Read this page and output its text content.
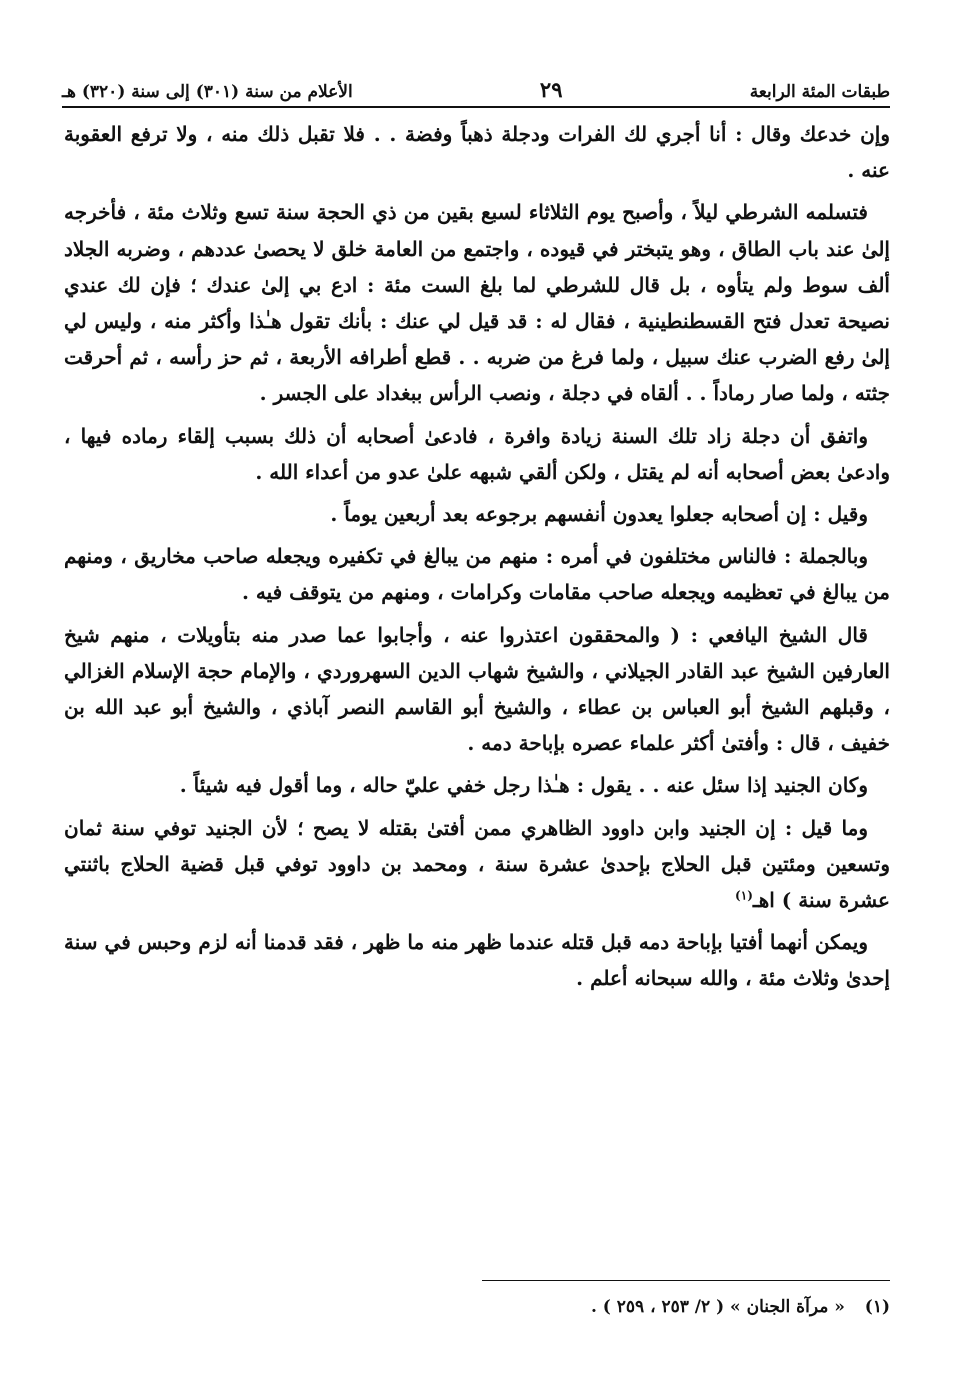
طبقات المئة الرابعة
٢٩
الأعلام من سنة (٣٠١) إلى سنة (٣٢٠) هـ

وإن خدعك وقال : أنا أجري لك الفرات ودجلة ذهباً وفضة . . فلا تقبل ذلك منه ، ولا ترفع العقوبة عنه .

فتسلمه الشرطي ليلاً ، وأصبح يوم الثلاثاء لسبع بقين من ذي الحجة سنة تسع وثلاث مئة ، فأخرجه إلىٰ عند باب الطاق ، وهو يتبختر في قيوده ، واجتمع من العامة خلق لا يحصىٰ عددهم ، وضربه الجلاد ألف سوط ولم يتأوه ، بل قال للشرطي لما بلغ الست مئة : ادع بي إلىٰ عندك ؛ فإن لك عندي نصيحة تعدل فتح القسطنطينية ، فقال له : قد قيل لي عنك : بأنك تقول هـٰذا وأكثر منه ، وليس لي إلىٰ رفع الضرب عنك سبيل ، ولما فرغ من ضربه . . قطع أطرافه الأربعة ، ثم حز رأسه ، ثم أحرقت جثته ، ولما صار رماداً . . ألقاه في دجلة ، ونصب الرأس ببغداد على الجسر .

واتفق أن دجلة زاد تلك السنة زيادة وافرة ، فادعىٰ أصحابه أن ذلك بسبب إلقاء رماده فيها ، وادعىٰ بعض أصحابه أنه لم يقتل ، ولكن ألقي شبهه علىٰ عدو من أعداء الله .

وقيل : إن أصحابه جعلوا يعدون أنفسهم برجوعه بعد أربعين يوماً .

وبالجملة : فالناس مختلفون في أمره : منهم من يبالغ في تكفيره ويجعله صاحب مخاريق ، ومنهم من يبالغ في تعظيمه ويجعله صاحب مقامات وكرامات ، ومنهم من يتوقف فيه .

قال الشيخ اليافعي : ( والمحققون اعتذروا عنه ، وأجابوا عما صدر منه بتأويلات ، منهم شيخ العارفين الشيخ عبد القادر الجيلاني ، والشيخ شهاب الدين السهروردي ، والإمام حجة الإسلام الغزالي ، وقبلهم الشيخ أبو العباس بن عطاء ، والشيخ أبو القاسم النصر آباذي ، والشيخ أبو عبد الله بن خفيف ، قال : وأفتىٰ أكثر علماء عصره بإباحة دمه .

وكان الجنيد إذا سئل عنه . . يقول : هـٰذا رجل خفي عليّ حاله ، وما أقول فيه شيئاً .

وما قيل : إن الجنيد وابن داوود الظاهري ممن أفتىٰ بقتله لا يصح ؛ لأن الجنيد توفي سنة ثمان وتسعين ومئتين قبل الحلاج بإحدىٰ عشرة سنة ، ومحمد بن داوود توفي قبل قضية الحلاج باثنتي عشرة سنة ) اهـ$^{(١)}$

ويمكن أنهما أفتيا بإباحة دمه قبل قتله عندما ظهر منه ما ظهر ، فقد قدمنا أنه لزم وحبس في سنة إحدىٰ وثلاث مئة ، والله سبحانه أعلم .

(١) « مرآة الجنان » ( ٢/ ٢٥٣ ، ٢٥٩ ) .
